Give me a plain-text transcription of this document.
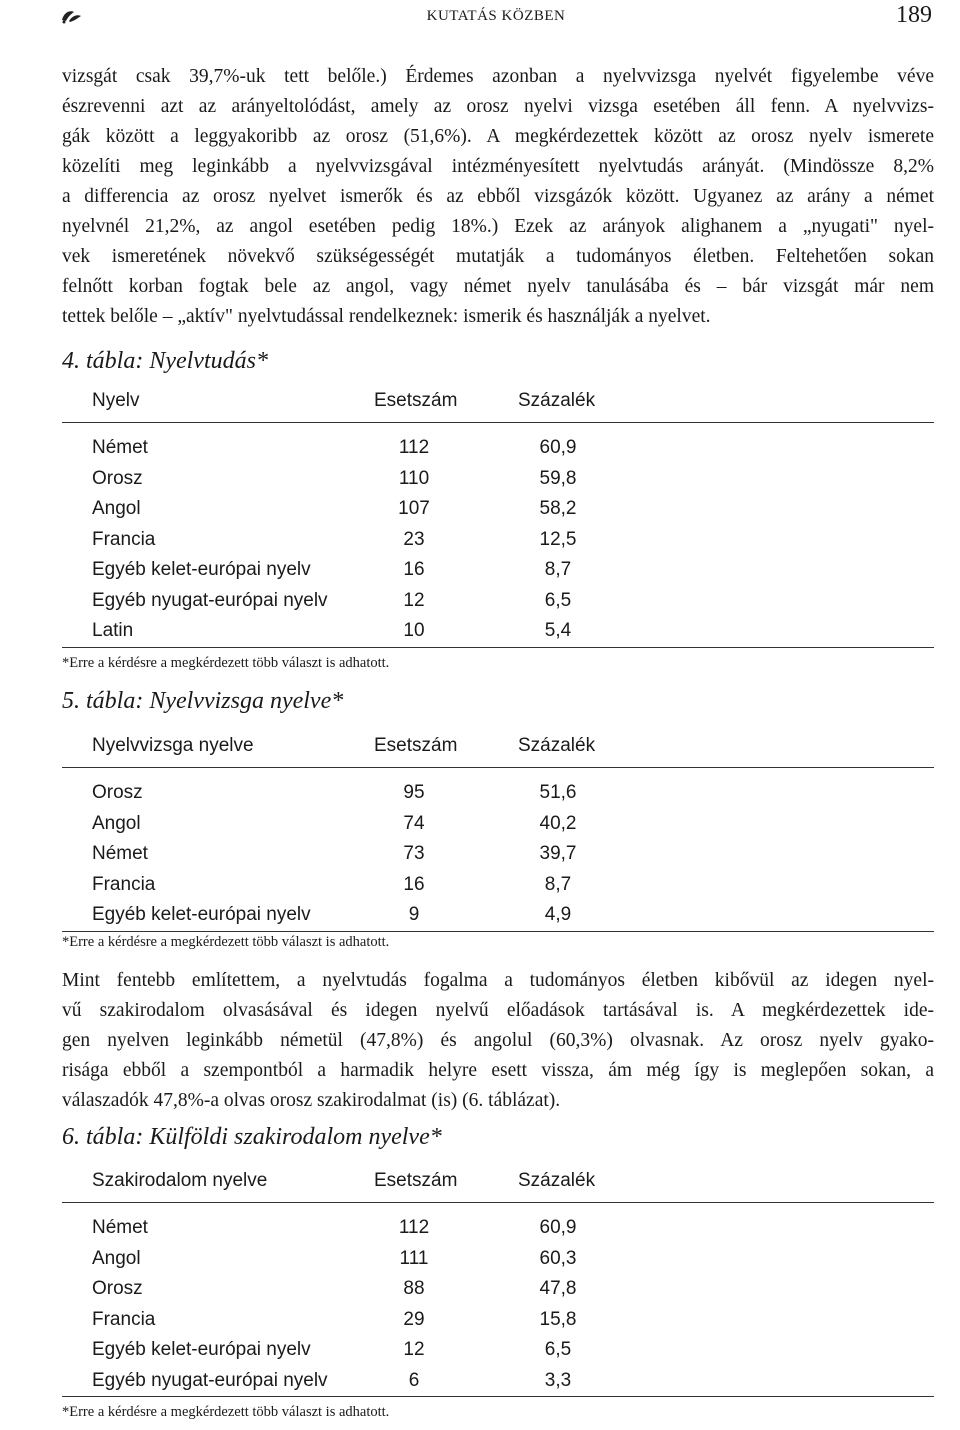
KUTATÁS KÖZBEN	189
vizsgát csak 39,7%-uk tett belőle.) Érdemes azonban a nyelvvizsga nyelvét figyelembe véve
észrevenni azt az arányeltolódást, amely az orosz nyelvi vizsga esetében áll fenn. A nyelvvizs-
gák között a leggyakoribb az orosz (51,6%). A megkérdezettek között az orosz nyelv ismerete
közelíti meg leginkább a nyelvvizsgával intézményesített nyelvtudás arányát. (Mindössze 8,2%
a differencia az orosz nyelvet ismerők és az ebből vizsgázók között. Ugyanez az arány a német
nyelvnél 21,2%, az angol esetében pedig 18%.) Ezek az arányok alighanem a „nyugati" nyel-
vek ismeretének növekvő szükségességét mutatják a tudományos életben. Feltehetően sokan
felnőtt korban fogtak bele az angol, vagy német nyelv tanulásába és – bár vizsgát már nem
tettek belőle – „aktív" nyelvtudással rendelkeznek: ismerik és használják a nyelvet.
4. tábla: Nyelvtudás*
Nyelv	Esetszám	Százalék
Német	112	60,9
Orosz	110	59,8
Angol	107	58,2
Francia	23	12,5
Egyéb kelet-európai nyelv	16	8,7
Egyéb nyugat-európai nyelv	12	6,5
Latin	10	5,4
*Erre a kérdésre a megkérdezett több választ is adhatott.
5. tábla: Nyelvvizsga nyelve*
Nyelvvizsga nyelve	Esetszám	Százalék
Orosz	95	51,6
Angol	74	40,2
Német	73	39,7
Francia	16	8,7
Egyéb kelet-európai nyelv	9	4,9
*Erre a kérdésre a megkérdezett több választ is adhatott.
Mint fentebb említettem, a nyelvtudás fogalma a tudományos életben kibővül az idegen nyel-
vű szakirodalom olvasásával és idegen nyelvű előadások tartásával is. A megkérdezettek ide-
gen nyelven leginkább németül (47,8%) és angolul (60,3%) olvasnak. Az orosz nyelv gyako-
risága ebből a szempontból a harmadik helyre esett vissza, ám még így is meglepően sokan, a
válaszadók 47,8%-a olvas orosz szakirodalmat (is) (6. táblázat).
6. tábla: Külföldi szakirodalom nyelve*
Szakirodalom nyelve	Esetszám	Százalék
Német	112	60,9
Angol	111	60,3
Orosz	88	47,8
Francia	29	15,8
Egyéb kelet-európai nyelv	12	6,5
Egyéb nyugat-európai nyelv	6	3,3
*Erre a kérdésre a megkérdezett több választ is adhatott.
